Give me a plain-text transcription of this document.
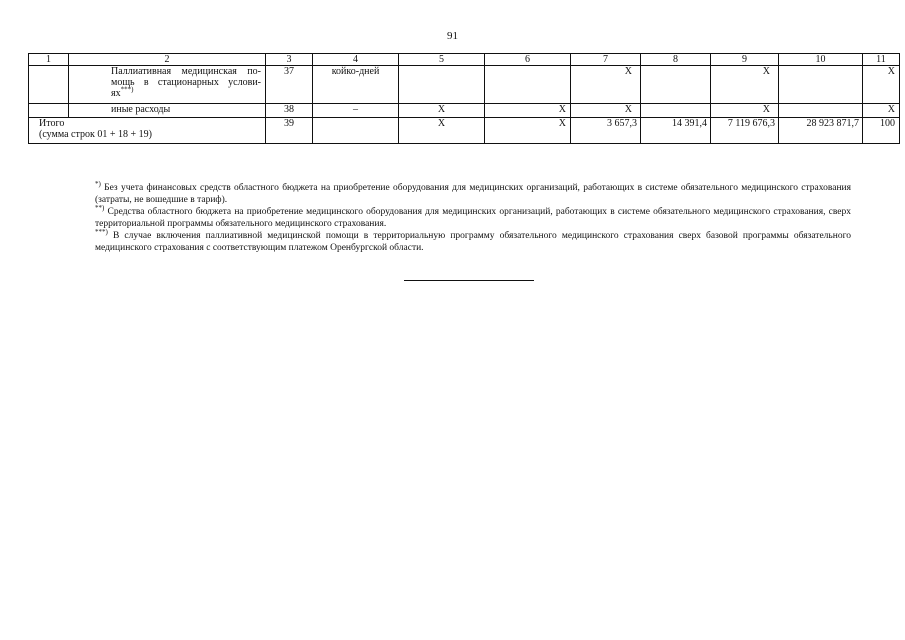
91
1	2	3	4	5	6	7	8	9	10	11

	Паллиативная медицинская по-
мощь в стационарных услови-
ях***)	37	койко-дней			X		X		X
	иные расходы	38	–	X	X	X		X		X

Итого
(сумма строк 01 + 18 + 19)		39		X	X	3 657,3	14 391,4	7 119 676,3	28 923 871,7	100

*) Без учета финансовых средств областного бюджета на приобретение оборудования для медицинских организаций, работающих в системе обязательного медицинского страхования (затраты, не вошедшие в тариф).

**) Средства областного бюджета на приобретение медицинского оборудования для медицинских организаций, работающих в системе обязательного медицинского страхования, сверх территориальной программы обязательного медицинского страхования.

***) В случае включения паллиативной медицинской помощи в территориальную программу обязательного медицинского страхования сверх базовой программы обязательного медицинского страхования с соответствующим платежом Оренбургской области.
